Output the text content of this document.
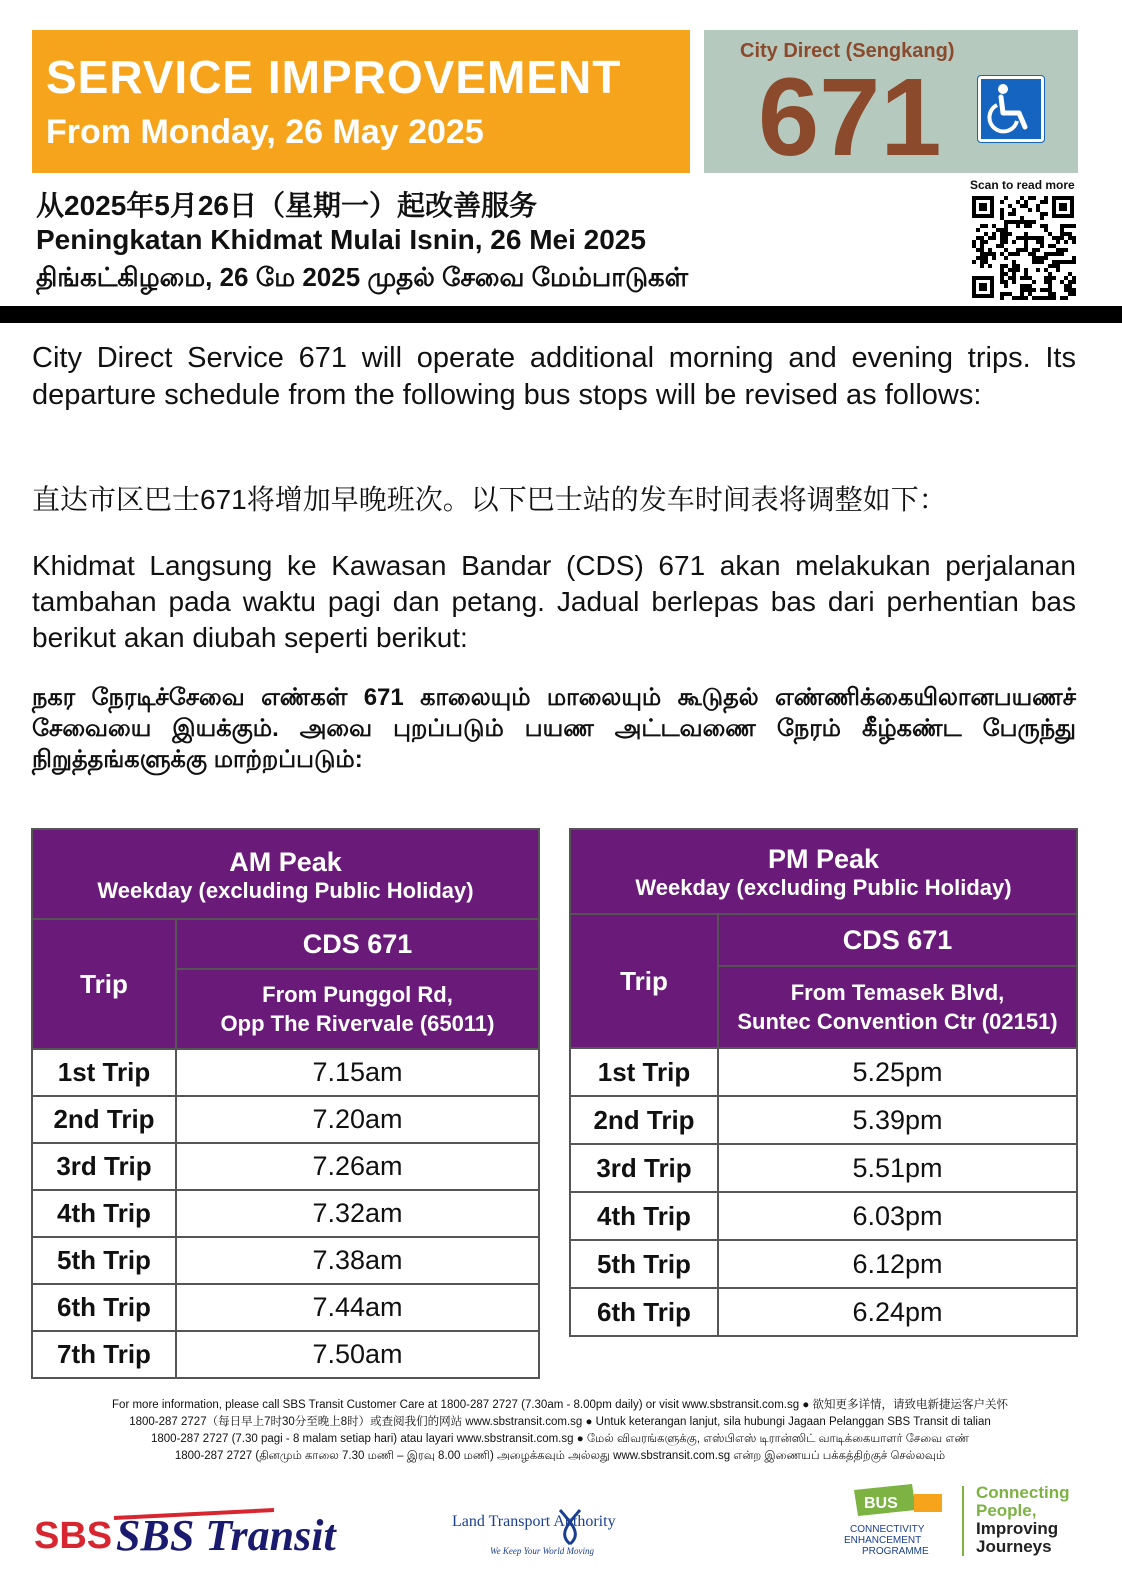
SERVICE IMPROVEMENT
From Monday, 26 May 2025
City Direct (Sengkang)
671
从2025年5月26日（星期一）起改善服务
Peningkatan Khidmat Mulai Isnin, 26 Mei 2025
திங்கட்கிழமை, 26 மே 2025 முதல் சேவை மேம்பாடுகள்
Scan to read more
City Direct Service 671 will operate additional morning and evening trips. Its departure schedule from the following bus stops will be revised as follows:
直达市区巴士671将增加早晚班次。以下巴士站的发车时间表将调整如下：
Khidmat Langsung ke Kawasan Bandar (CDS) 671 akan melakukan perjalanan tambahan pada waktu pagi dan petang. Jadual berlepas bas dari perhentian bas berikut akan diubah seperti berikut:
நகர நேரடிச்சேவை எண்கள் 671 காலையும் மாலையும் கூடுதல் எண்ணிக்கையிலானபயணச் சேவையை இயக்கும். அவை புறப்படும் பயண அட்டவணை நேரம் கீழ்கண்ட பேருந்து நிறுத்தங்களுக்கு மாற்றப்படும்:
AM Peak
Weekday (excluding Public Holiday)	

Trip	CDS 671
	From Punggol Rd,
Opp The Rivervale (65011)
1st Trip	7.15am
2nd Trip	7.20am
3rd Trip	7.26am
4th Trip	7.32am
5th Trip	7.38am
6th Trip	7.44am
7th Trip	7.50am
PM Peak
Weekday (excluding Public Holiday)	

Trip	CDS 671
	From Temasek Blvd,
Suntec Convention Ctr (02151)
1st Trip	5.25pm
2nd Trip	5.39pm
3rd Trip	5.51pm
4th Trip	6.03pm
5th Trip	6.12pm
6th Trip	6.24pm
For more information, please call SBS Transit Customer Care at 1800-287 2727 (7.30am - 8.00pm daily) or visit www.sbstransit.com.sg ● 欲知更多详情，请致电新捷运客户关怀
1800-287 2727（每日早上7时30分至晚上8时）或查阅我们的网站 www.sbstransit.com.sg ● Untuk keterangan lanjut, sila hubungi Jagaan Pelanggan SBS Transit di talian
1800-287 2727 (7.30 pagi - 8 malam setiap hari) atau layari www.sbstransit.com.sg ● மேல் விவரங்களுக்கு, எஸ்பிஎஸ் டிரான்ஸிட் வாடிக்கையாளர் சேவை எண்
1800-287 2727 (தினமும் காலை 7.30 மணி – இரவு 8.00 மணி) அழைக்கவும் அல்லது www.sbstransit.com.sg என்ற இணையப் பக்கத்திற்குச் செல்லவும்
SBS SBS Transit	Land Transport Authority
We Keep Your World Moving
BUS
CONNECTIVITY
ENHANCEMENT
PROGRAMME
Connecting
People,
Improving
Journeys
